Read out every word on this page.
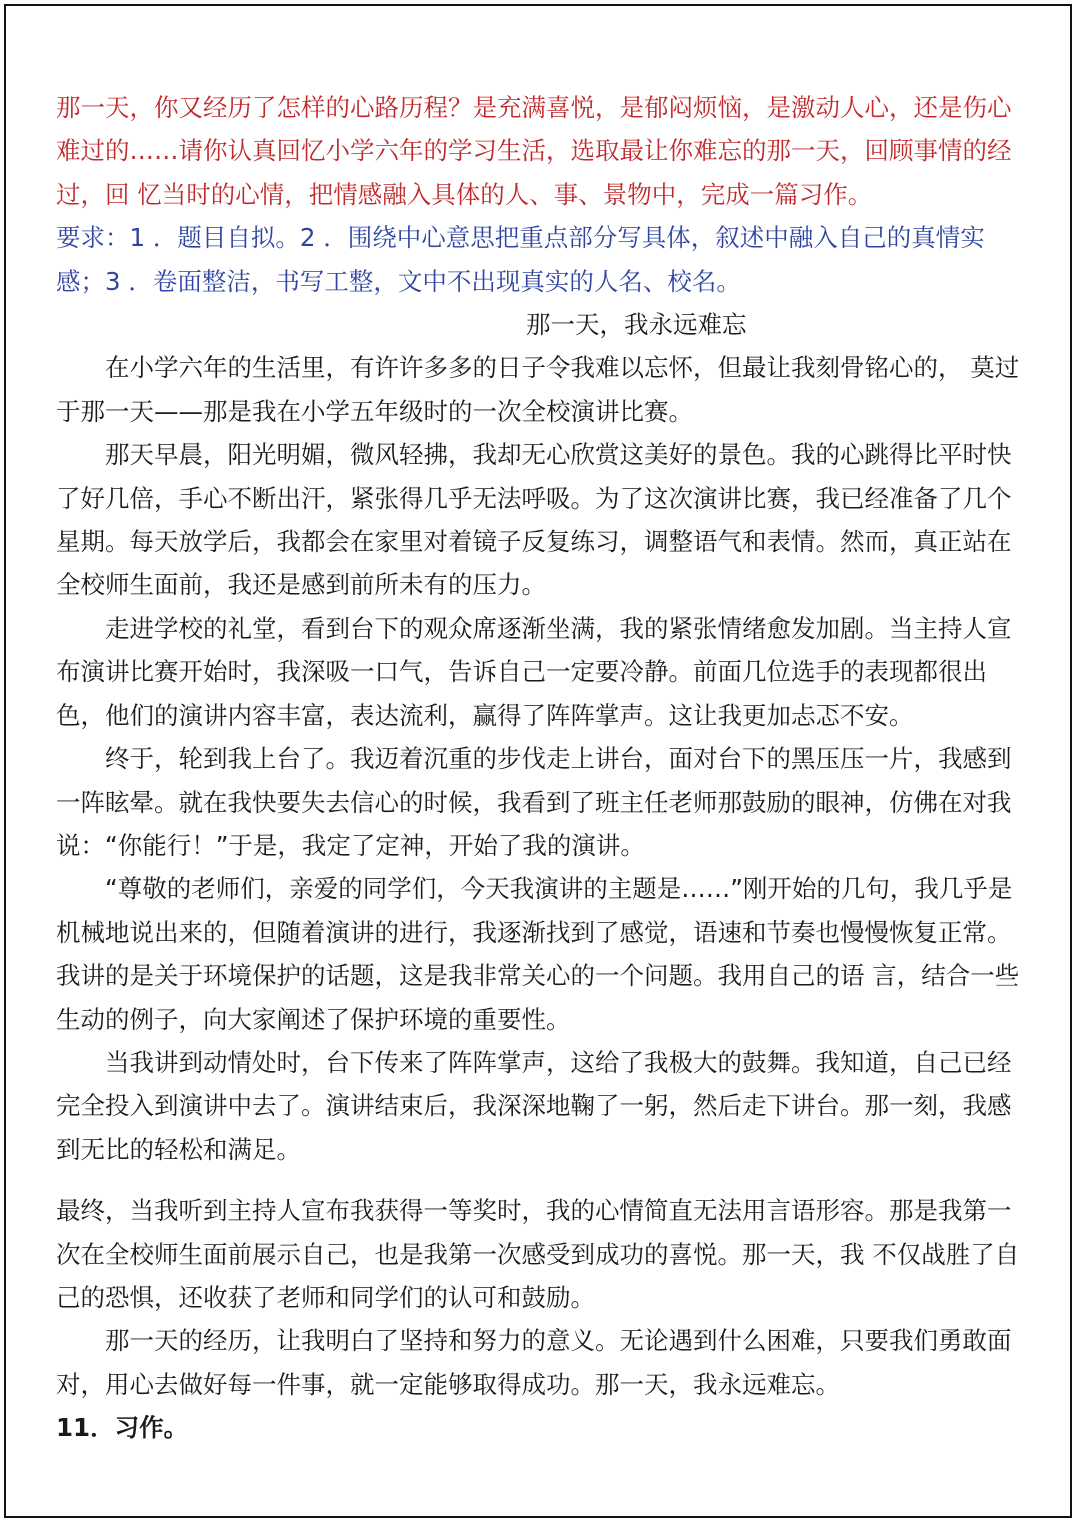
那一天，你又经历了怎样的心路历程？是充满喜悦，是郁闷烦恼，是激动人心，还是伤心难过的……请你认真回忆小学六年的学习生活，选取最让你难忘的那一天，回顾事情的经过，回 忆当时的心情，把情感融入具体的人、事、景物中，完成一篇习作。

要求：1 ．题目自拟。2 ．围绕中心意思把重点部分写具体，叙述中融入自己的真情实感；3 ．卷面整洁，书写工整，文中不出现真实的人名、校名。

那一天，我永远难忘

在小学六年的生活里，有许许多多的日子令我难以忘怀，但最让我刻骨铭心的， 莫过于那一天——那是我在小学五年级时的一次全校演讲比赛。

那天早晨，阳光明媚，微风轻拂，我却无心欣赏这美好的景色。我的心跳得比平时快了好几倍，手心不断出汗，紧张得几乎无法呼吸。为了这次演讲比赛，我已经准备了几个星期。每天放学后，我都会在家里对着镜子反复练习，调整语气和表情。然而，真正站在全校师生面前，我还是感到前所未有的压力。

走进学校的礼堂，看到台下的观众席逐渐坐满，我的紧张情绪愈发加剧。当主持人宣布演讲比赛开始时，我深吸一口气，告诉自己一定要冷静。前面几位选手的表现都很出色，他们的演讲内容丰富，表达流利，赢得了阵阵掌声。这让我更加忐忑不安。

终于，轮到我上台了。我迈着沉重的步伐走上讲台，面对台下的黑压压一片，我感到一阵眩晕。就在我快要失去信心的时候，我看到了班主任老师那鼓励的眼神，仿佛在对我说：“你能行！”于是，我定了定神，开始了我的演讲。

“尊敬的老师们，亲爱的同学们，今天我演讲的主题是……”刚开始的几句，我几乎是机械地说出来的，但随着演讲的进行，我逐渐找到了感觉，语速和节奏也慢慢恢复正常。我讲的是关于环境保护的话题，这是我非常关心的一个问题。我用自己的语 言，结合一些生动的例子，向大家阐述了保护环境的重要性。

当我讲到动情处时，台下传来了阵阵掌声，这给了我极大的鼓舞。我知道，自己已经完全投入到演讲中去了。演讲结束后，我深深地鞠了一躬，然后走下讲台。那一刻，我感到无比的轻松和满足。

最终，当我听到主持人宣布我获得一等奖时，我的心情简直无法用言语形容。那是我第一次在全校师生面前展示自己，也是我第一次感受到成功的喜悦。那一天，我 不仅战胜了自己的恐惧，还收获了老师和同学们的认可和鼓励。

那一天的经历，让我明白了坚持和努力的意义。无论遇到什么困难，只要我们勇敢面对，用心去做好每一件事，就一定能够取得成功。那一天，我永远难忘。

11．习作。
